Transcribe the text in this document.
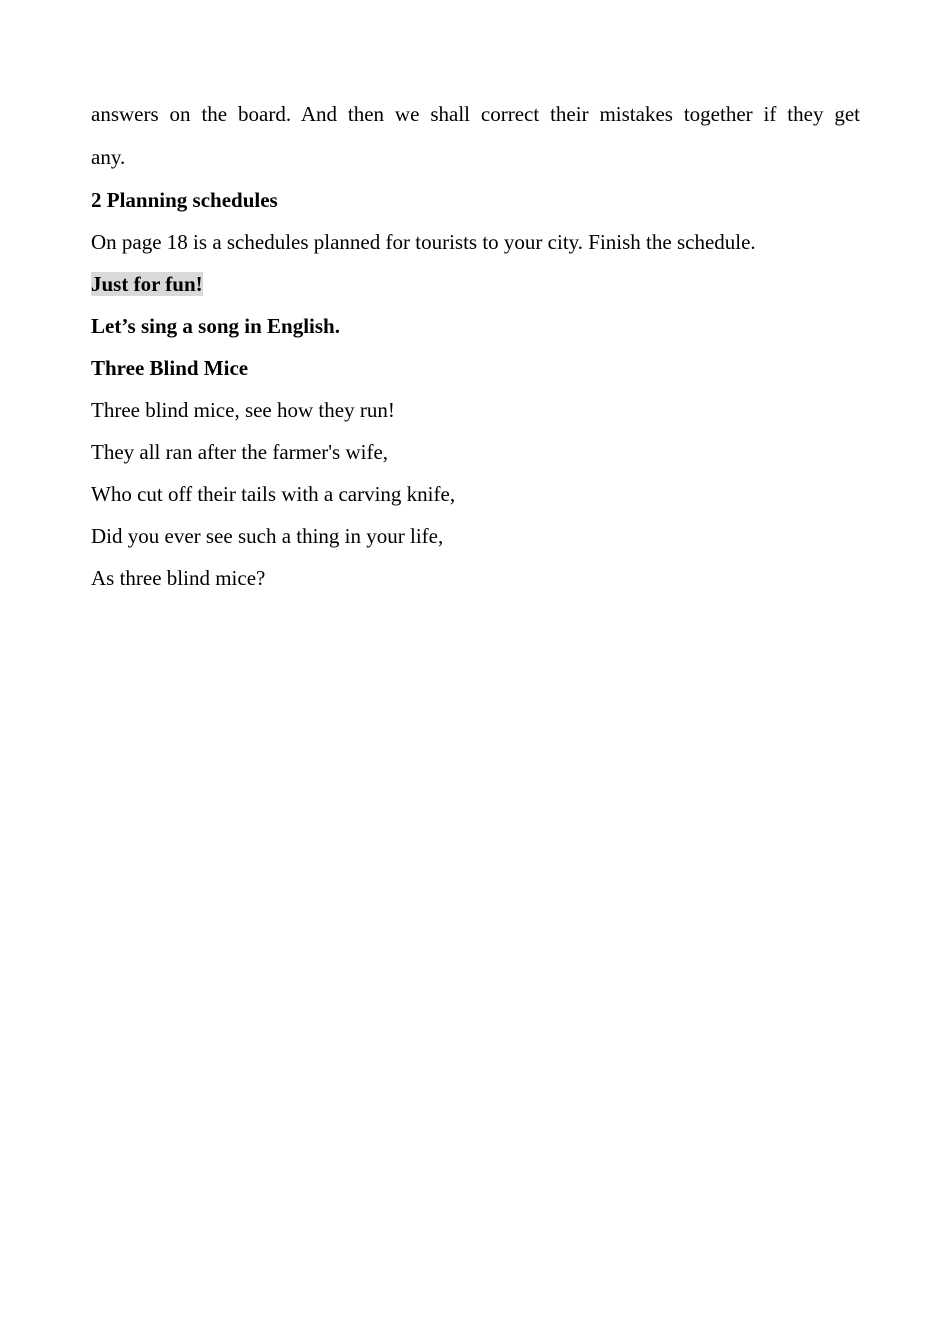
answers on the board. And then we shall correct their mistakes together if they get
any.

2 Planning schedules
On page 18 is a schedules planned for tourists to your city. Finish the schedule.
Just for fun!
Let’s sing a song in English.
Three Blind Mice
Three blind mice, see how they run!
They all ran after the farmer's wife,
Who cut off their tails with a carving knife,
Did you ever see such a thing in your life,
As three blind mice?
